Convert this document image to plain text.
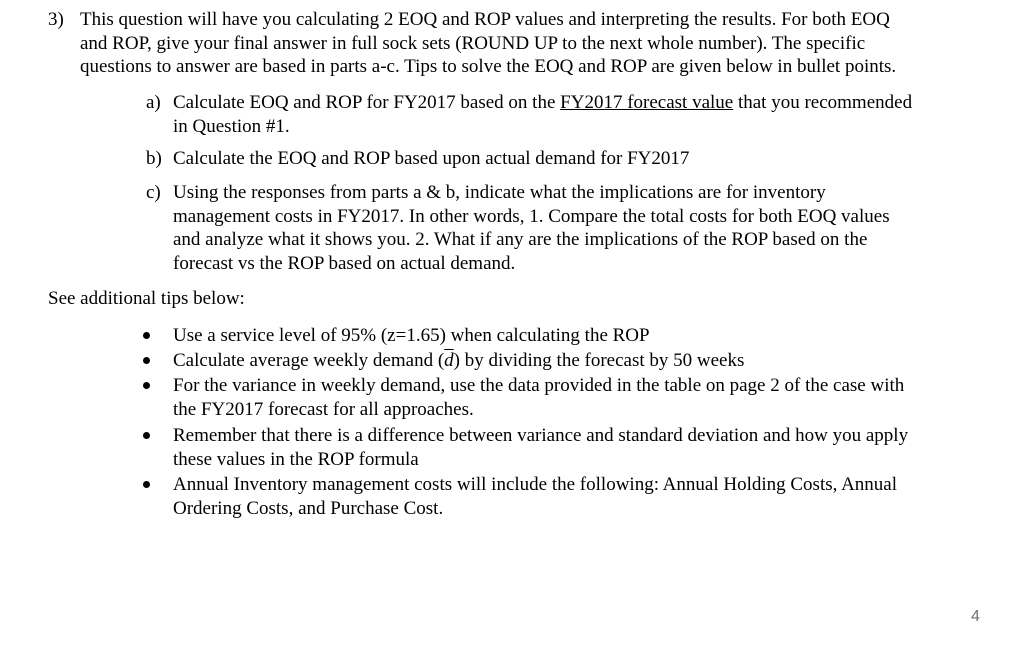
3) This question will have you calculating 2 EOQ and ROP values and interpreting the results. For both EOQ
and ROP, give your final answer in full sock sets (ROUND UP to the next whole number). The specific
questions to answer are based in parts a-c. Tips to solve the EOQ and ROP are given below in bullet points.
a) Calculate EOQ and ROP for FY2017 based on the FY2017 forecast value that you recommended
in Question #1.
b) Calculate the EOQ and ROP based upon actual demand for FY2017
c) Using the responses from parts a & b, indicate what the implications are for inventory
management costs in FY2017. In other words, 1. Compare the total costs for both EOQ values
and analyze what it shows you. 2. What if any are the implications of the ROP based on the
forecast vs the ROP based on actual demand.
See additional tips below:
Use a service level of 95% (z=1.65) when calculating the ROP
Calculate average weekly demand $(\overline{d})$ by dividing the forecast by 50 weeks
For the variance in weekly demand, use the data provided in the table on page 2 of the case with
the FY2017 forecast for all approaches.
Remember that there is a difference between variance and standard deviation and how you apply
these values in the ROP formula
Annual Inventory management costs will include the following: Annual Holding Costs, Annual
Ordering Costs, and Purchase Cost.
4
